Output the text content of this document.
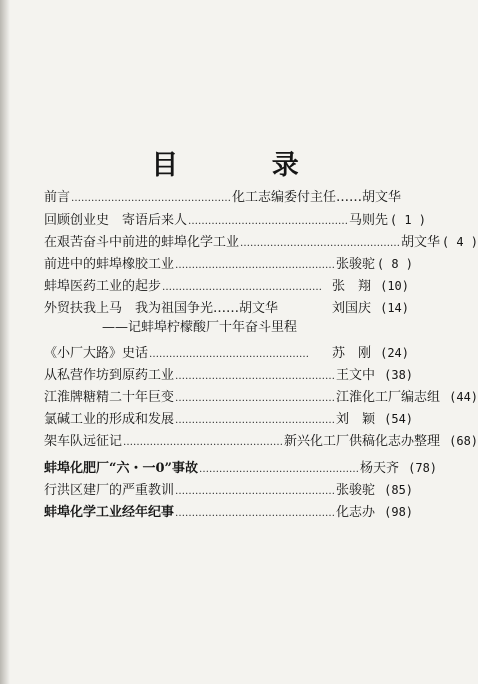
目 录
前言 ………………………………………… 化工志编委付主任……胡文华
回顾创业史　寄语后来人 ………………………………………… 马则先 ( 1 )
在艰苦奋斗中前进的蚌埠化学工业 ………………………………………… 胡文华 ( 4 )
前进中的蚌埠橡胶工业 ………………………………………… 张骏驼 ( 8 )
蚌埠医药工业的起步 ………………………………………… 张　翔 (10)
外贸扶我上马　我为祖国争光……胡文华	刘国庆 (14)
——记蚌埠柠檬酸厂十年奋斗里程
《小厂大路》史话 …………………………………………	苏　刚 (24)
从私营作坊到原药工业 ………………………………………… 王文中 (38)
江淮牌糖精二十年巨变 ………………………………………… 江淮化工厂编志组 (44)
氯碱工业的形成和发展 ………………………………………… 刘　颖 (54)
架车队远征记 ………………………………………… 新兴化工厂供稿化志办整理 (68)
蚌埠化肥厂“六・一0”事故 ………………………………………… 杨天齐 (78)
行洪区建厂的严重教训 ………………………………………… 张骏驼 (85)
蚌埠化学工业经年纪事 ………………………………………… 化志办 (98)
